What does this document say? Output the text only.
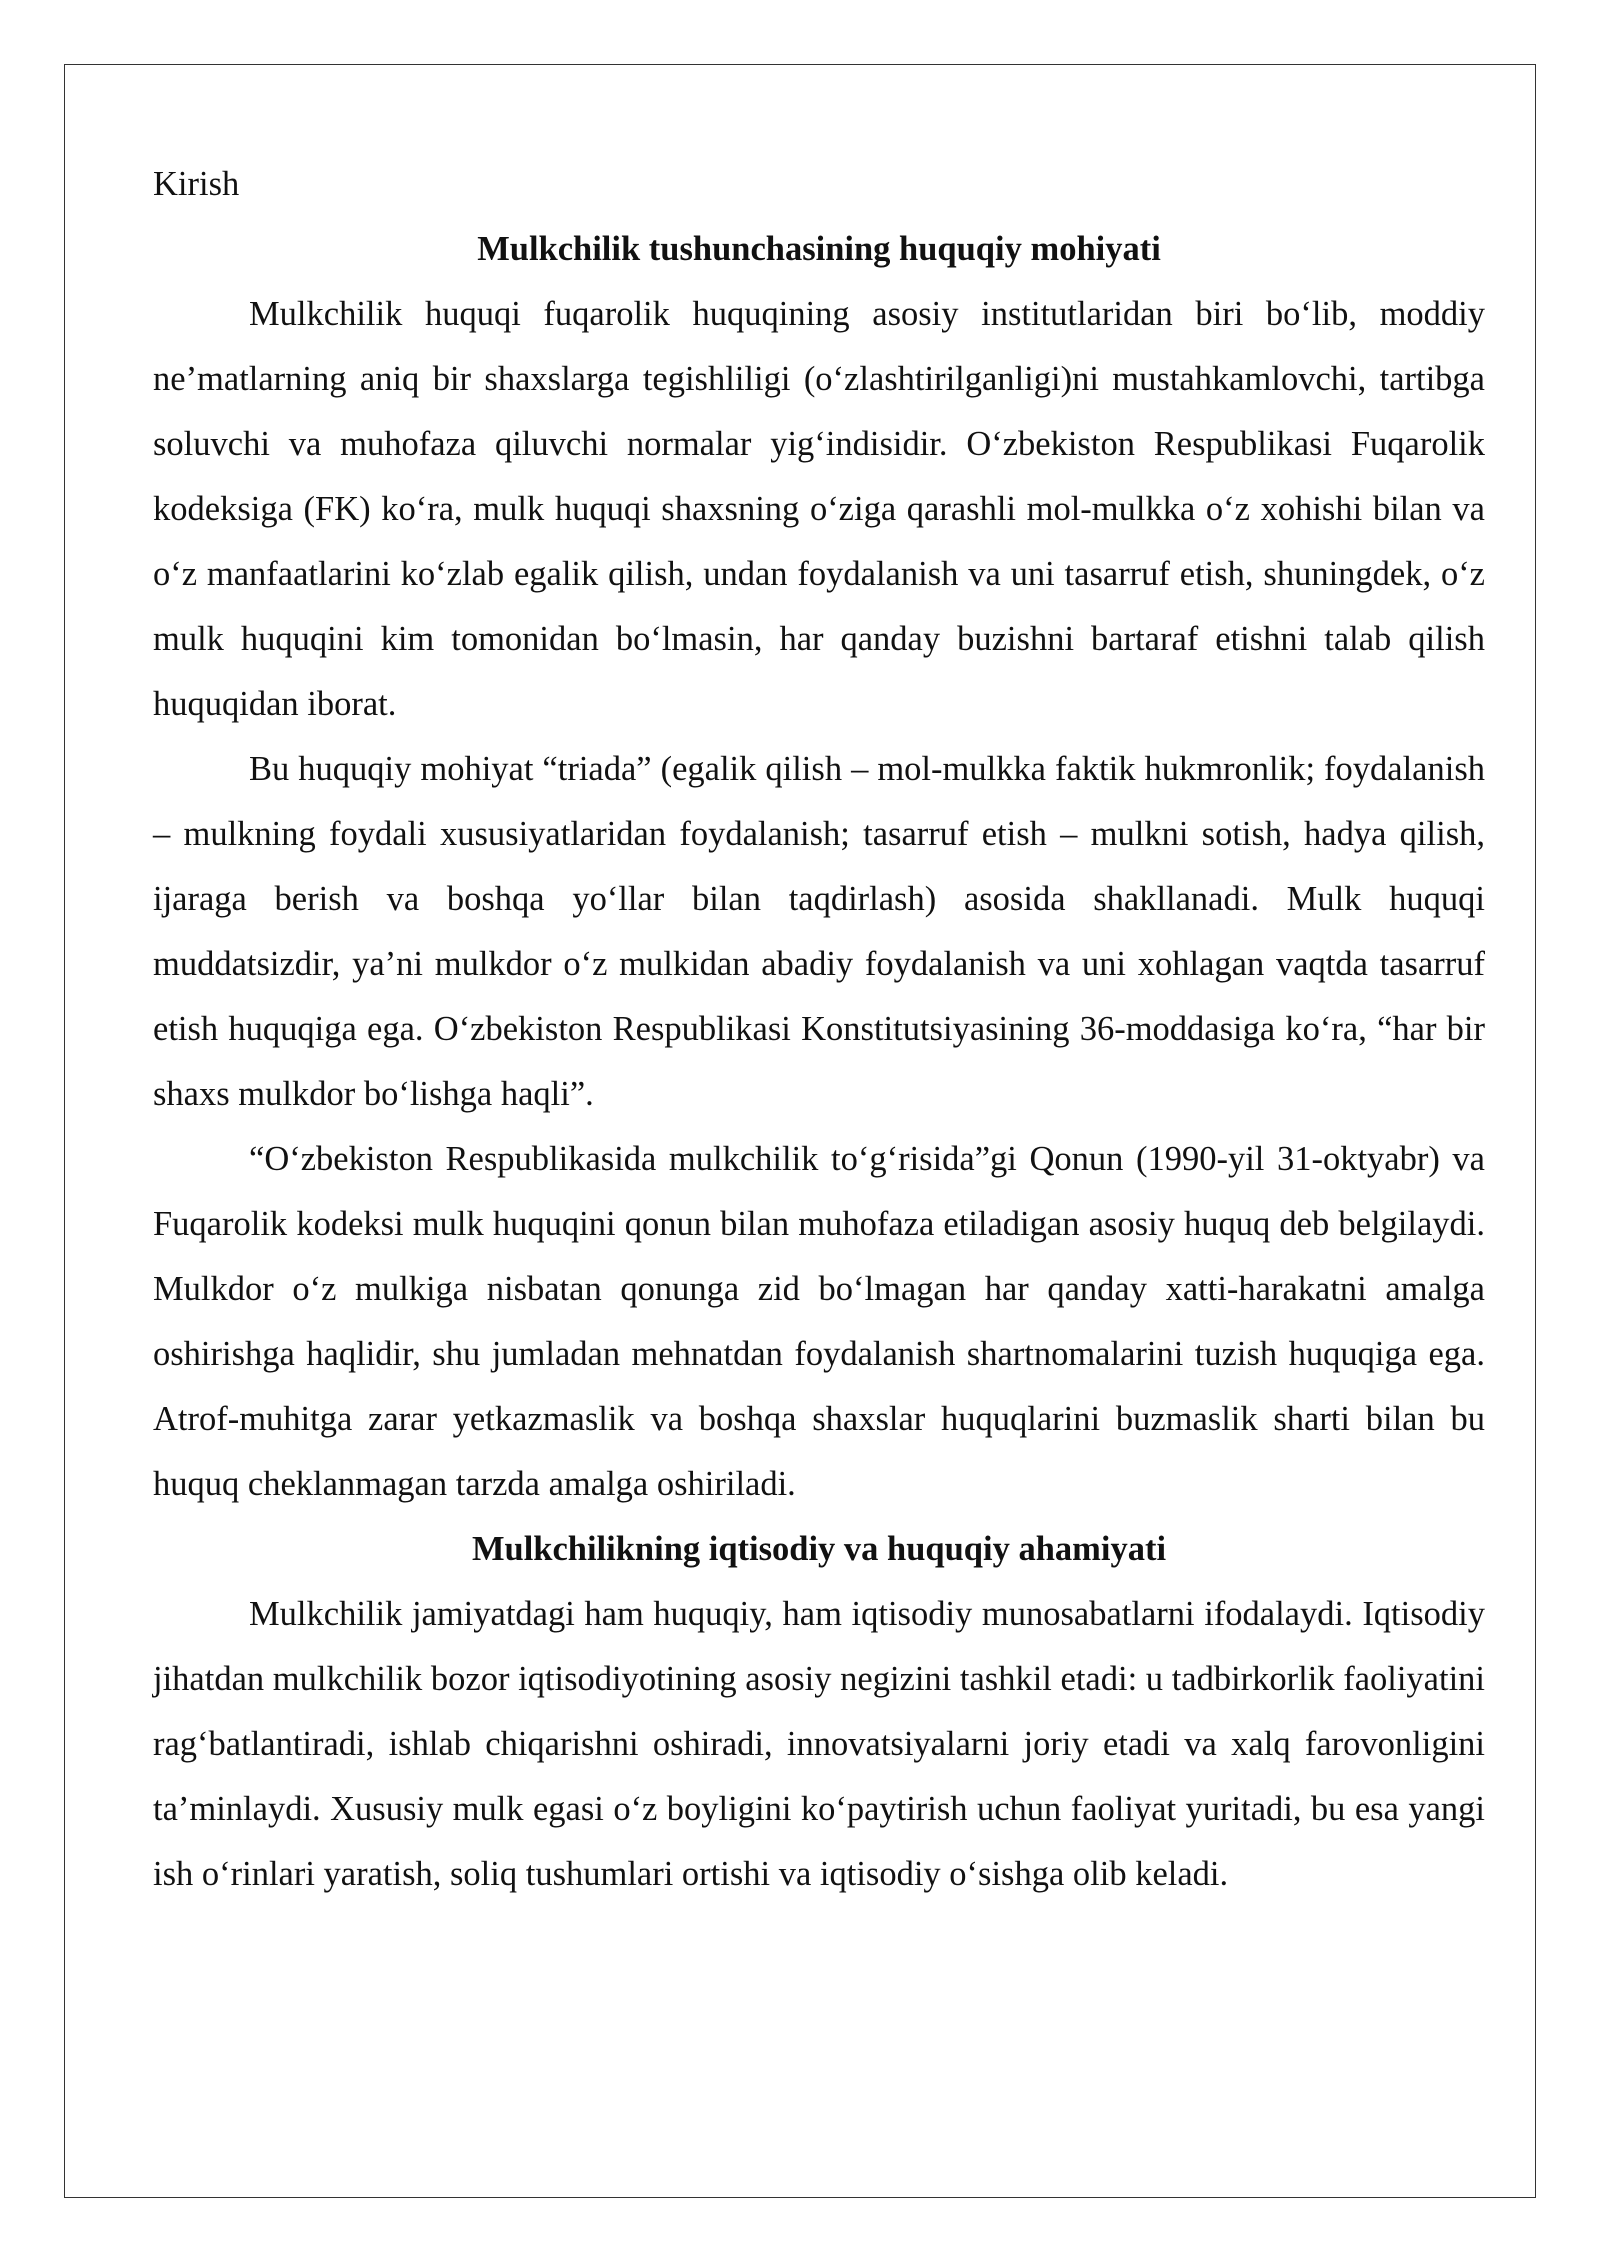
Kirish

Mulkchilik tushunchasining huquqiy mohiyati

Mulkchilik huquqi fuqarolik huquqining asosiy institutlaridan biri bo‘lib, moddiy ne’matlarning aniq bir shaxslarga tegishliligi (o‘zlashtirilganligi)ni mustahkamlovchi, tartibga soluvchi va muhofaza qiluvchi normalar yig‘indisidir. O‘zbekiston Respublikasi Fuqarolik kodeksiga (FK) ko‘ra, mulk huquqi shaxsning o‘ziga qarashli mol-mulkka o‘z xohishi bilan va o‘z manfaatlarini ko‘zlab egalik qilish, undan foydalanish va uni tasarruf etish, shuningdek, o‘z mulk huquqini kim tomonidan bo‘lmasin, har qanday buzishni bartaraf etishni talab qilish huquqidan iborat.

Bu huquqiy mohiyat “triada” (egalik qilish – mol-mulkka faktik hukmronlik; foydalanish – mulkning foydali xususiyatlaridan foydalanish; tasarruf etish – mulkni sotish, hadya qilish, ijaraga berish va boshqa yo‘llar bilan taqdirlash) asosida shakllanadi. Mulk huquqi muddatsizdir, ya’ni mulkdor o‘z mulkidan abadiy foydalanish va uni xohlagan vaqtda tasarruf etish huquqiga ega. O‘zbekiston Respublikasi Konstitutsiyasining 36-moddasiga ko‘ra, “har bir shaxs mulkdor bo‘lishga haqli”.

“O‘zbekiston Respublikasida mulkchilik to‘g‘risida”gi Qonun (1990-yil 31-oktyabr) va Fuqarolik kodeksi mulk huquqini qonun bilan muhofaza etiladigan asosiy huquq deb belgilaydi. Mulkdor o‘z mulkiga nisbatan qonunga zid bo‘lmagan har qanday xatti-harakatni amalga oshirishga haqlidir, shu jumladan mehnatdan foydalanish shartnomalarini tuzish huquqiga ega. Atrof-muhitga zarar yetkazmaslik va boshqa shaxslar huquqlarini buzmaslik sharti bilan bu huquq cheklanmagan tarzda amalga oshiriladi.

Mulkchilikning iqtisodiy va huquqiy ahamiyati

Mulkchilik jamiyatdagi ham huquqiy, ham iqtisodiy munosabatlarni ifodalaydi. Iqtisodiy jihatdan mulkchilik bozor iqtisodiyotining asosiy negizini tashkil etadi: u tadbirkorlik faoliyatini rag‘batlantiradi, ishlab chiqarishni oshiradi, innovatsiyalarni joriy etadi va xalq farovonligini ta’minlaydi. Xususiy mulk egasi o‘z boyligini ko‘paytirish uchun faoliyat yuritadi, bu esa yangi ish o‘rinlari yaratish, soliq tushumlari ortishi va iqtisodiy o‘sishga olib keladi.
